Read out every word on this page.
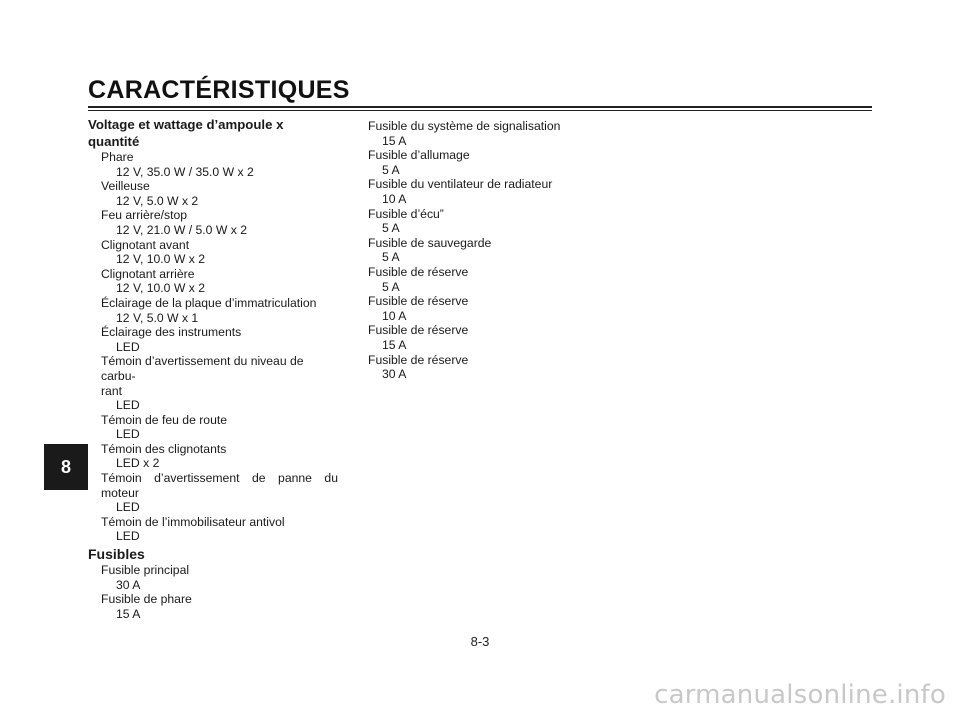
CARACTÉRISTIQUES

Voltage et wattage d’ampoule x
quantité

Phare

12 V, 35.0 W / 35.0 W x 2

Veilleuse

12 V, 5.0 W x 2

Feu arrière/stop

12 V, 21.0 W / 5.0 W x 2

Clignotant avant

12 V, 10.0 W x 2

Clignotant arrière

12 V, 10.0 W x 2

Éclairage de la plaque d’immatriculation

12 V, 5.0 W x 1

Éclairage des instruments

LED

Témoin d’avertissement du niveau de carbu-

rant

LED

Témoin de feu de route

LED

Témoin des clignotants

LED x 2

Témoin d’avertissement de panne du

moteur

LED

Témoin de l’immobilisateur antivol

LED

Fusibles

Fusible principal

30 A

Fusible de phare

15 A

Fusible du système de signalisation

15 A

Fusible d’allumage

5 A

Fusible du ventilateur de radiateur

10 A

Fusible d’écu”

5 A

Fusible de sauvegarde

5 A

Fusible de réserve

5 A

Fusible de réserve

10 A

Fusible de réserve

15 A

Fusible de réserve

30 A

8
8-3
carmanualsonline.info
